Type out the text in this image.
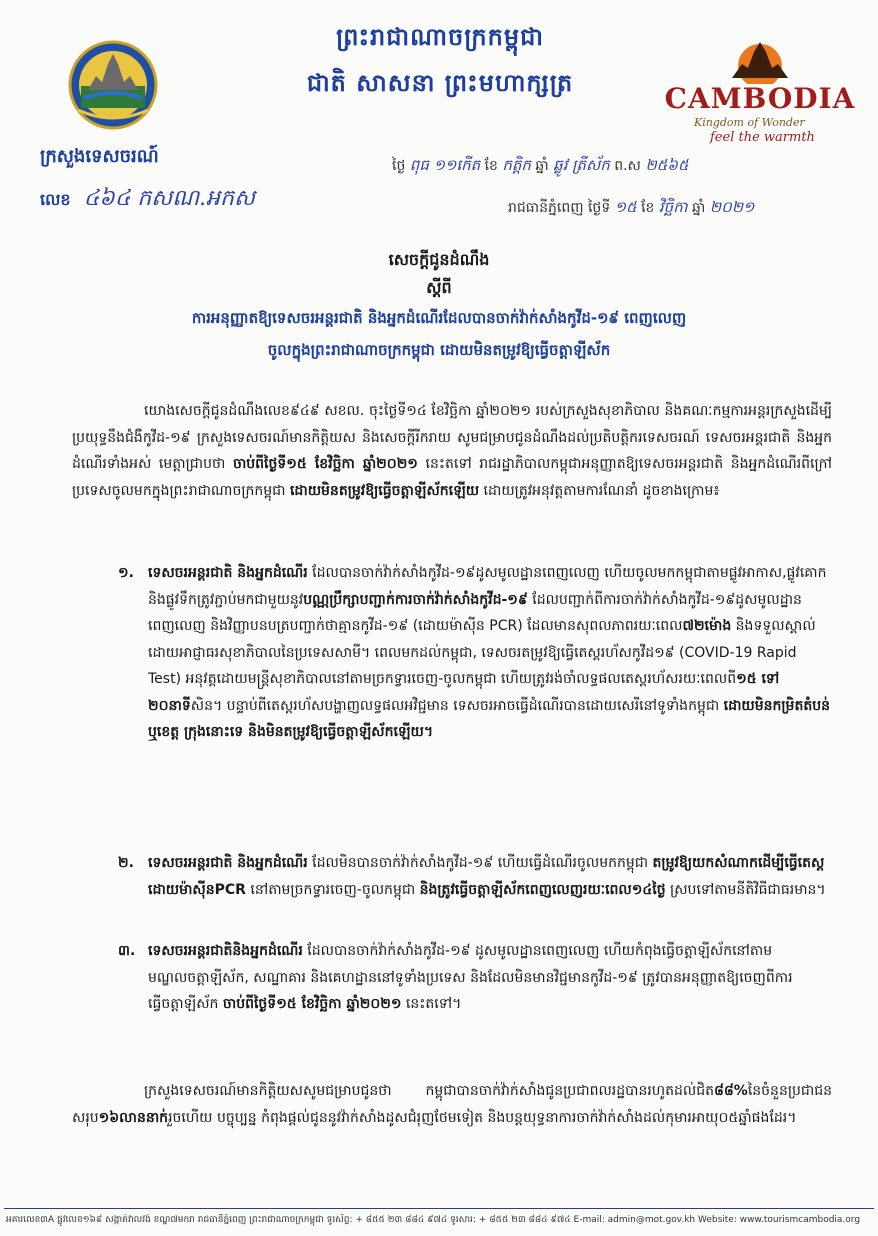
CAMBODIA
Kingdom of Wonder
feel the warmth
ព្រះរាជាណាចក្រកម្ពុជា
ជាតិ សាសនា ព្រះមហាក្សត្រ
ក្រសួងទេសចរណ៍
លេខ ៤៦៤ កសណ.អកស
ថ្ងៃ ពុធ ១១កើត ខែ កត្តិក ឆ្នាំ ឆ្លូវ ត្រីស័ក ព.ស ២៥៦៥
រាជធានីភ្នំពេញ ថ្ងៃទី ១៥ ខែ វិច្ឆិកា ឆ្នាំ ២០២១
សេចក្ដីជូនដំណឹង
ស្ដីពី
ការអនុញ្ញាតឱ្យទេសចរអន្តរជាតិ និងអ្នកដំណើរដែលបានចាក់វ៉ាក់សាំងកូវីដ-១៩ ពេញលេញ
ចូលក្នុងព្រះរាជាណាចក្រកម្ពុជា ដោយមិនតម្រូវឱ្យធ្វើចត្តាឡីស័ក
យោងសេចក្ដីជូនដំណឹងលេខ៩៤៩ សខល. ចុះថ្ងៃទី១៤ ខែវិច្ឆិកា ឆ្នាំ២០២១ របស់ក្រសួងសុខាភិបាល និងគណៈកម្មការអន្តរក្រសួងដើម្បីប្រយុទ្ធនឹងជំងឺកូវីដ-១៩ ក្រសួងទេសចរណ៍មានកិត្តិយស និងសេចក្ដីរីករាយ សូមជម្រាបជូនដំណឹងដល់ប្រតិបត្តិករទេសចរណ៍ ទេសចរអន្តរជាតិ និងអ្នកដំណើរទាំងអស់ មេត្តាជ្រាបថា ចាប់ពីថ្ងៃទី១៥ ខែវិច្ឆិកា ឆ្នាំ២០២១ នេះតទៅ រាជរដ្ឋាភិបាលកម្ពុជាអនុញ្ញាតឱ្យទេសចរអន្តរជាតិ និងអ្នកដំណើរពីក្រៅប្រទេសចូលមកក្នុងព្រះរាជាណាចក្រកម្ពុជា ដោយមិនតម្រូវឱ្យធ្វើចត្តាឡីស័កឡើយ ដោយត្រូវអនុវត្តតាមការណែនាំ ដូចខាងក្រោម៖
១. ទេសចរអន្តរជាតិ និងអ្នកដំណើរ ដែលបានចាក់វ៉ាក់សាំងកូវីដ-១៩ដូសមូលដ្ឋានពេញលេញ ហើយចូលមកកម្ពុជាតាមផ្លូវអាកាស,ផ្លូវគោក និងផ្លូវទឹកត្រូវភ្ជាប់មកជាមួយនូវបណ្ណប្រឹក្សាបញ្ជាក់ការចាក់វ៉ាក់សាំងកូវីដ-១៩ ដែលបញ្ជាក់ពីការចាក់វ៉ាក់សាំងកូវីដ-១៩ដូសមូលដ្ឋានពេញលេញ និងវិញ្ញាបនបត្របញ្ជាក់ថាគ្មានកូវីដ-១៩ (ដោយម៉ាស៊ីន PCR) ដែលមានសុពលភាពរយៈពេល៧២ម៉ោង និងទទួលស្គាល់ដោយអាជ្ញាធរសុខាភិបាលនៃប្រទេសសាមី។ ពេលមកដល់កម្ពុជា, ទេសចរតម្រូវឱ្យធ្វើតេស្ដរហ័សកូវីដ១៩ (COVID-19 Rapid Test) អនុវត្តដោយមន្ត្រីសុខាភិបាលនៅតាមច្រកទ្វារចេញ-ចូលកម្ពុជា ហើយត្រូវរង់ចាំលទ្ធផលតេស្ដរហ័សរយៈពេលពី១៥ ទៅ ២០នាទីសិន។ បន្ទាប់ពីតេស្ដរហ័សបង្ហាញលទ្ធផលអវិជ្ជមាន ទេសចរអាចធ្វើដំណើរបានដោយសេរីនៅទូទាំងកម្ពុជា ដោយមិនកម្រិតតំបន់ ឬខេត្ត ក្រុងនោះទេ និងមិនតម្រូវឱ្យធ្វើចត្តាឡីស័កឡើយ។
២. ទេសចរអន្តរជាតិ និងអ្នកដំណើរ ដែលមិនបានចាក់វ៉ាក់សាំងកូវីដ-១៩ ហើយធ្វើដំណើរចូលមកកម្ពុជា តម្រូវឱ្យយកសំណាកដើម្បីធ្វើតេស្ដដោយម៉ាស៊ីនPCR នៅតាមច្រកទ្វារចេញ-ចូលកម្ពុជា និងត្រូវធ្វើចត្តាឡីស័កពេញលេញរយៈពេល១៤ថ្ងៃ ស្របទៅតាមនីតិវិធីជាធរមាន។
៣. ទេសចរអន្តរជាតិនិងអ្នកដំណើរ ដែលបានចាក់វ៉ាក់សាំងកូវីដ-១៩ ដូសមូលដ្ឋានពេញលេញ ហើយកំពុងធ្វើចត្តាឡីស័កនៅតាមមណ្ឌលចត្តាឡីស័ក, សណ្ឋាគារ និងគេហដ្ឋាននៅទូទាំងប្រទេស និងដែលមិនមានវិជ្ជមានកូវីដ-១៩ ត្រូវបានអនុញ្ញាតឱ្យចេញពីការធ្វើចត្តាឡីស័ក ចាប់ពីថ្ងៃទី១៥ ខែវិច្ឆិកា ឆ្នាំ២០២១ នេះតទៅ។
ក្រសួងទេសចរណ៍មានកិត្តិយសសូមជម្រាបជូនថា កម្ពុជាបានចាក់វ៉ាក់សាំងជូនប្រជាពលរដ្ឋបានរហូតដល់ជិត៨៨%នៃចំនួនប្រជាជនសរុប១៦លាននាក់រួចហើយ បច្ចុប្បន្ន កំពុងផ្ដល់ជូននូវវ៉ាក់សាំងដូសជំរុញថែមទៀត និងបន្តយុទ្ធនាការចាក់វ៉ាក់សាំងដល់កុមារអាយុ០៥ឆ្នាំផងដែរ។
អគារលេខ៣A ផ្លូវលេខ១៦៩ សង្កាត់វាលវង់ ខណ្ឌ៧មករា រាជធានីភ្នំពេញ ព្រះរាជាណាចក្រកម្ពុជា ទូរស័ព្ទ: + ៨៥៥ ២៣ ៨៨៤ ៩៧៤ ទូរសារ: + ៨៥៥ ២៣ ៨៨៤ ៩៧៤ E-mail: admin@mot.gov.kh Website: www.tourismcambodia.org
